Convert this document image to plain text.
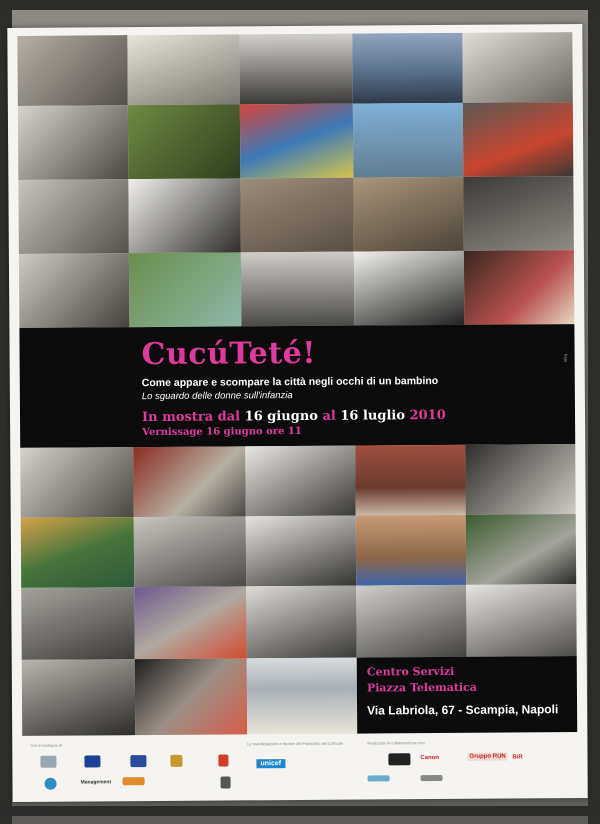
CucúTeté!
Come appare e scompare la città negli occhi di un bambino
Lo sguardo delle donne sull'infanzia
In mostra dal 16 giugno al 16 luglio 2010
Vernissage 16 giugno ore 11
fuga
Centro Servizi
Piazza Telematica
Via Labriola, 67 - Scampia, Napoli
Con il sostegno di	Le manifestazioni e mostre del Patrocinio del Comune	Realizzato in collaborazione con
unicef
Canon	Gruppo RUN	BiR
Management
